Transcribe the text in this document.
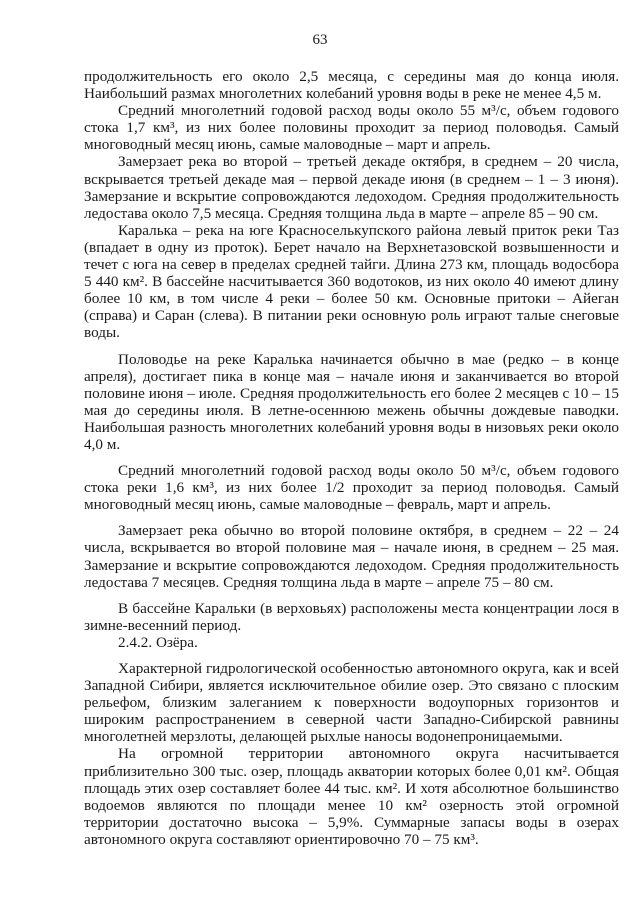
63

продолжительность его около 2,5 месяца, с середины мая до конца июля. Наибольший размах многолетних колебаний уровня воды в реке не менее 4,5 м.

Средний многолетний годовой расход воды около 55 м³/с, объем годового стока 1,7 км³, из них более половины проходит за период половодья. Самый многоводный месяц июнь, самые маловодные – март и апрель.

Замерзает река во второй – третьей декаде октября, в среднем – 20 числа, вскрывается третьей декаде мая – первой декаде июня (в среднем – 1 – 3 июня). Замерзание и вскрытие сопровождаются ледоходом. Средняя продолжительность ледостава около 7,5 месяца. Средняя толщина льда в марте – апреле 85 – 90 см.

Каралька – река на юге Красноселькупского района левый приток реки Таз (впадает в одну из проток). Берет начало на Верхнетазовской возвышенности и течет с юга на север в пределах средней тайги. Длина 273 км, площадь водосбора 5 440 км². В бассейне насчитывается 360 водотоков, из них около 40 имеют длину более 10 км, в том числе 4 реки – более 50 км. Основные притоки – Айеган (справа) и Саран (слева). В питании реки основную роль играют талые снеговые воды.

Половодье на реке Каралька начинается обычно в мае (редко – в конце апреля), достигает пика в конце мая – начале июня и заканчивается во второй половине июня – июле. Средняя продолжительность его более 2 месяцев с 10 – 15 мая до середины июля. В летне-осеннюю межень обычны дождевые паводки. Наибольшая разность многолетних колебаний уровня воды в низовьях реки около 4,0 м.

Средний многолетний годовой расход воды около 50 м³/с, объем годового стока реки 1,6 км³, из них более 1/2 проходит за период половодья. Самый многоводный месяц июнь, самые маловодные – февраль, март и апрель.

Замерзает река обычно во второй половине октября, в среднем – 22 – 24 числа, вскрывается во второй половине мая – начале июня, в среднем – 25 мая. Замерзание и вскрытие сопровождаются ледоходом. Средняя продолжительность ледостава 7 месяцев. Средняя толщина льда в марте – апреле 75 – 80 см.

В бассейне Каральки (в верховьях) расположены места концентрации лося в зимне-весенний период.

2.4.2. Озёра.

Характерной гидрологической особенностью автономного округа, как и всей Западной Сибири, является исключительное обилие озер. Это связано с плоским рельефом, близким залеганием к поверхности водоупорных горизонтов и широким распространением в северной части Западно-Сибирской равнины многолетней мерзлоты, делающей рыхлые наносы водонепроницаемыми.

На огромной территории автономного округа насчитывается приблизительно 300 тыс. озер, площадь акватории которых более 0,01 км². Общая площадь этих озер составляет более 44 тыс. км². И хотя абсолютное большинство водоемов являются по площади менее 10 км² озерность этой огромной территории достаточно высока – 5,9%. Суммарные запасы воды в озерах автономного округа составляют ориентировочно 70 – 75 км³.
